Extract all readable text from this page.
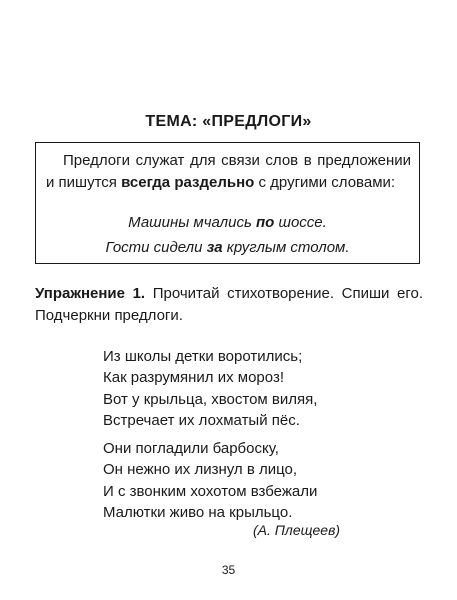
ТЕМА: «ПРЕДЛОГИ»
Предлоги служат для связи слов в предложении и пишутся всегда раздельно с другими словами:
Машины мчались по шоссе.
Гости сидели за круглым столом.
Упражнение 1. Прочитай стихотворение. Спиши его. Подчеркни предлоги.
Из школы детки воротились;
Как разрумянил их мороз!
Вот у крыльца, хвостом виляя,
Встречает их лохматый пёс.
Они погладили барбоску,
Он нежно их лизнул в лицо,
И с звонким хохотом взбежали
Малютки живо на крыльцо.
(А. Плещеев)
35
